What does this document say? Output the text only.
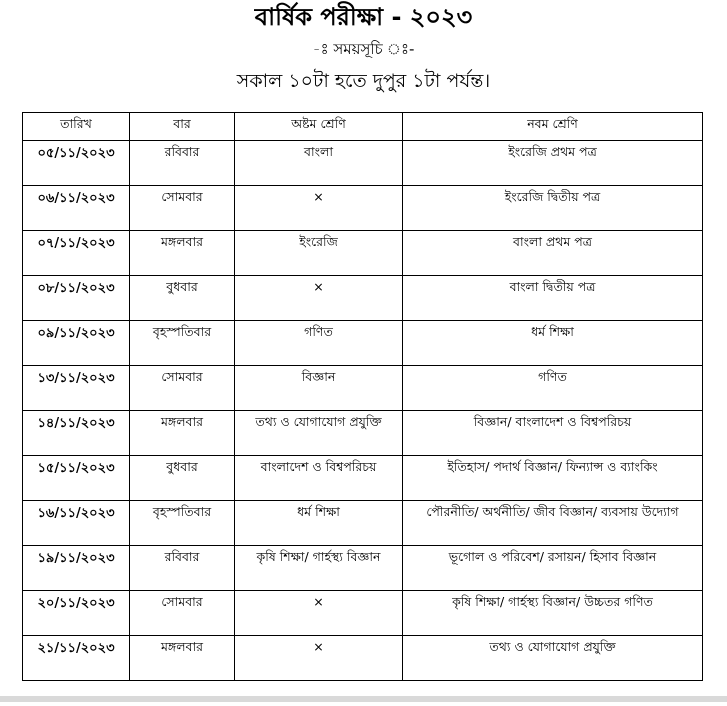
বার্ষিক পরীক্ষা - ২০২৩
-ঃ সময়সূচি ঃ-
সকাল ১০টা হতে দুপুর ১টা পর্যন্ত।
তারিখ	বার	অষ্টম শ্রেণি	নবম শ্রেণি
০৫/১১/২০২৩	রবিবার	বাংলা	ইংরেজি প্রথম পত্র
০৬/১১/২০২৩	সোমবার	×	ইংরেজি দ্বিতীয় পত্র
০৭/১১/২০২৩	মঙ্গলবার	ইংরেজি	বাংলা প্রথম পত্র
০৮/১১/২০২৩	বুধবার	×	বাংলা দ্বিতীয় পত্র
০৯/১১/২০২৩	বৃহস্পতিবার	গণিত	ধর্ম শিক্ষা
১৩/১১/২০২৩	সোমবার	বিজ্ঞান	গণিত
১৪/১১/২০২৩	মঙ্গলবার	তথ্য ও যোগাযোগ প্রযুক্তি	বিজ্ঞান/ বাংলাদেশ ও বিশ্বপরিচয়
১৫/১১/২০২৩	বুধবার	বাংলাদেশ ও বিশ্বপরিচয়	ইতিহাস/ পদার্থ বিজ্ঞান/ ফিন্যান্স ও ব্যাংকিং
১৬/১১/২০২৩	বৃহস্পতিবার	ধর্ম শিক্ষা	পৌরনীতি/ অর্থনীতি/ জীব বিজ্ঞান/ ব্যবসায় উদ্যোগ
১৯/১১/২০২৩	রবিবার	কৃষি শিক্ষা/ গার্হস্থ্য বিজ্ঞান	ভূগোল ও পরিবেশ/ রসায়ন/ হিসাব বিজ্ঞান
২০/১১/২০২৩	সোমবার	×	কৃষি শিক্ষা/ গার্হস্থ্য বিজ্ঞান/ উচ্চতর গণিত
২১/১১/২০২৩	মঙ্গলবার	×	তথ্য ও যোগাযোগ প্রযুক্তি
